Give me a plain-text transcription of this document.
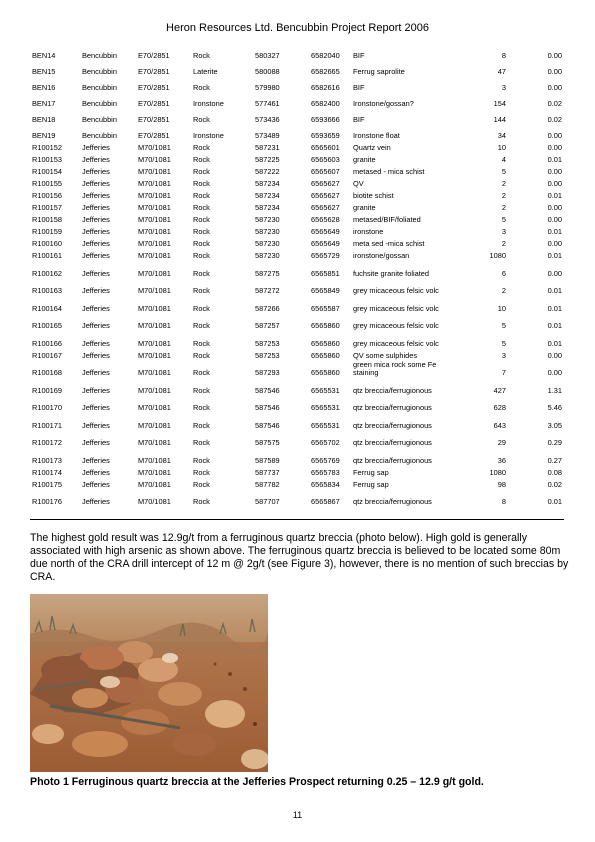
Heron Resources Ltd. Bencubbin Project Report 2006
BEN14	Bencubbin	E70/2851	Rock	580327	6582040	BIF	8	0.00
BEN15	Bencubbin	E70/2851	Laterite	580088	6582665	Ferrug saprolite	47	0.00
BEN16	Bencubbin	E70/2851	Rock	579980	6582616	BIF	3	0.00
BEN17	Bencubbin	E70/2851	Ironstone	577461	6582400	Ironstone/gossan?	154	0.02
BEN18	Bencubbin	E70/2851	Rock	573436	6593666	BIF	144	0.02
BEN19	Bencubbin	E70/2851	Ironstone	573489	6593659	Ironstone float	34	0.00
R100152	Jefferies	M70/1081	Rock	587231	6565601	Quartz vein	10	0.00
R100153	Jefferies	M70/1081	Rock	587225	6565603	granite	4	0.01
R100154	Jefferies	M70/1081	Rock	587222	6565607	metased - mica schist	5	0.00
R100155	Jefferies	M70/1081	Rock	587234	6565627	QV	2	0.00
R100156	Jefferies	M70/1081	Rock	587234	6565627	biotite schist	2	0.01
R100157	Jefferies	M70/1081	Rock	587234	6565627	granite	2	0.00
R100158	Jefferies	M70/1081	Rock	587230	6565628	metased/BIF/foliated	5	0.00
R100159	Jefferies	M70/1081	Rock	587230	6565649	ironstone	3	0.01
R100160	Jefferies	M70/1081	Rock	587230	6565649	meta sed -mica schist	2	0.00
R100161	Jefferies	M70/1081	Rock	587230	6565729	ironstone/gossan	1080	0.01
R100162	Jefferies	M70/1081	Rock	587275	6565851	fuchsite granite foliated	6	0.00
R100163	Jefferies	M70/1081	Rock	587272	6565849	grey micaceous felsic volc	2	0.01
R100164	Jefferies	M70/1081	Rock	587266	6565587	grey micaceous felsic volc	10	0.01
R100165	Jefferies	M70/1081	Rock	587257	6565860	grey micaceous felsic volc	5	0.01
R100166	Jefferies	M70/1081	Rock	587253	6565860	grey micaceous felsic volc	5	0.01
R100167	Jefferies	M70/1081	Rock	587253	6565860	QV some sulphides	3	0.00
R100168	Jefferies	M70/1081	Rock	587293	6565860	green mica rock some Fe staining	7	0.00
R100169	Jefferies	M70/1081	Rock	587546	6565531	qtz breccia/ferrugionous	427	1.31
R100170	Jefferies	M70/1081	Rock	587546	6565531	qtz breccia/ferrugionous	628	5.46
R100171	Jefferies	M70/1081	Rock	587546	6565531	qtz breccia/ferrugionous	643	3.05
R100172	Jefferies	M70/1081	Rock	587575	6565702	qtz breccia/ferrugionous	29	0.29
R100173	Jefferies	M70/1081	Rock	587589	6565769	qtz breccia/ferrugionous	36	0.27
R100174	Jefferies	M70/1081	Rock	587737	6565783	Ferrug sap	1080	0.08
R100175	Jefferies	M70/1081	Rock	587782	6565834	Ferrug sap	98	0.02
R100176	Jefferies	M70/1081	Rock	587707	6565867	qtz breccia/ferrugionous	8	0.01

The highest gold result was 12.9g/t from a ferruginous quartz breccia (photo below). High gold is generally associated with high arsenic as shown above. The ferruginous quartz breccia is believed to be located some 80m due north of the CRA drill intercept of 12 m @ 2g/t (see Figure 3), however, there is no mention of such breccias by CRA.

Photo 1 Ferruginous quartz breccia at the Jefferies Prospect returning 0.25 – 12.9 g/t gold.

11
